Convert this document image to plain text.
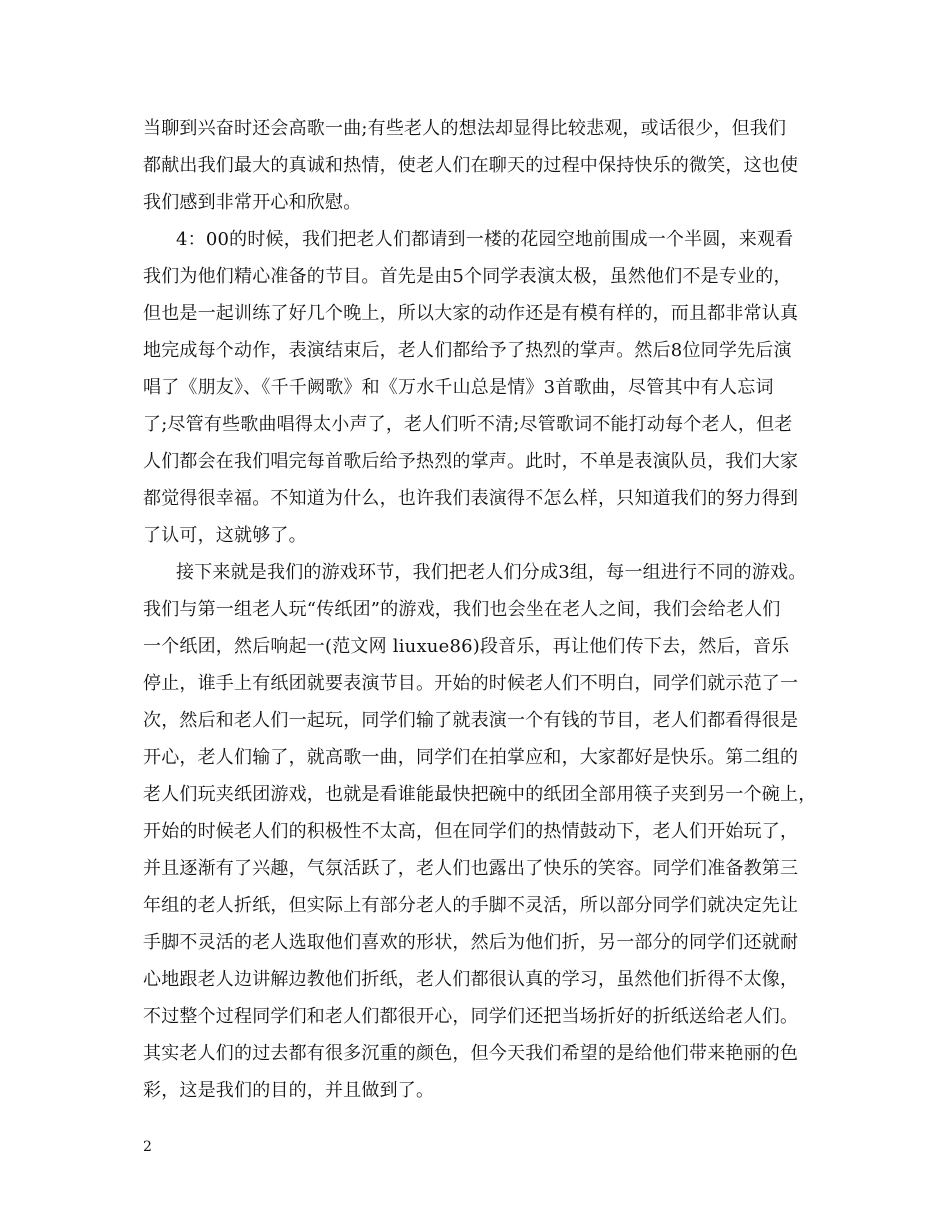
当聊到兴奋时还会高歌一曲;有些老人的想法却显得比较悲观，或话很少，但我们
都献出我们最大的真诚和热情，使老人们在聊天的过程中保持快乐的微笑，这也使
我们感到非常开心和欣慰。
4：00的时候，我们把老人们都请到一楼的花园空地前围成一个半圆，来观看
我们为他们精心准备的节目。首先是由5个同学表演太极，虽然他们不是专业的，
但也是一起训练了好几个晚上，所以大家的动作还是有模有样的，而且都非常认真
地完成每个动作，表演结束后，老人们都给予了热烈的掌声。然后8位同学先后演
唱了《朋友》、《千千阙歌》和《万水千山总是情》3首歌曲，尽管其中有人忘词
了;尽管有些歌曲唱得太小声了，老人们听不清;尽管歌词不能打动每个老人，但老
人们都会在我们唱完每首歌后给予热烈的掌声。此时，不单是表演队员，我们大家
都觉得很幸福。不知道为什么，也许我们表演得不怎么样，只知道我们的努力得到
了认可，这就够了。
接下来就是我们的游戏环节，我们把老人们分成3组，每一组进行不同的游戏。
我们与第一组老人玩“传纸团”的游戏，我们也会坐在老人之间，我们会给老人们
一个纸团，然后响起一(范文网 liuxue86)段音乐，再让他们传下去，然后，音乐
停止，谁手上有纸团就要表演节目。开始的时候老人们不明白，同学们就示范了一
次，然后和老人们一起玩，同学们输了就表演一个有钱的节目，老人们都看得很是
开心，老人们输了，就高歌一曲，同学们在拍掌应和，大家都好是快乐。第二组的
老人们玩夹纸团游戏，也就是看谁能最快把碗中的纸团全部用筷子夹到另一个碗上，
开始的时候老人们的积极性不太高，但在同学们的热情鼓动下，老人们开始玩了，
并且逐渐有了兴趣，气氛活跃了，老人们也露出了快乐的笑容。同学们准备教第三
年组的老人折纸，但实际上有部分老人的手脚不灵活，所以部分同学们就决定先让
手脚不灵活的老人选取他们喜欢的形状，然后为他们折，另一部分的同学们还就耐
心地跟老人边讲解边教他们折纸，老人们都很认真的学习，虽然他们折得不太像，
不过整个过程同学们和老人们都很开心，同学们还把当场折好的折纸送给老人们。
其实老人们的过去都有很多沉重的颜色，但今天我们希望的是给他们带来艳丽的色
彩，这是我们的目的，并且做到了。
2
